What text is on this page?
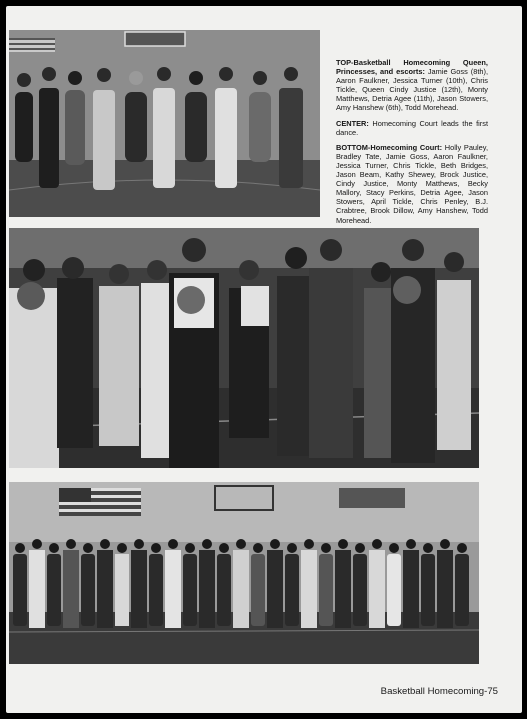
TOP-Basketball Homecoming Queen, Princesses, and escorts: Jamie Goss (8th), Aaron Faulkner, Jessica Turner (10th), Chris Tickle, Queen Cindy Justice (12th), Monty Matthews, Detria Agee (11th), Jason Stowers, Amy Hanshew (6th), Todd Morehead.

CENTER: Homecoming Court leads the first dance.

BOTTOM-Homecoming Court: Holly Pauley, Bradley Tate, Jamie Goss, Aaron Faulkner, Jessica Turner, Chris Tickle, Beth Bridges, Jason Beam, Kathy Shewey, Brock Justice, Cindy Justice, Monty Matthews, Becky Mallory, Stacy Perkins, Detria Agee, Jason Stowers, April Tickle, Chris Penley, B.J. Crabtree, Brook Dillow, Amy Hanshew, Todd Morehead.

Basketball Homecoming-75
